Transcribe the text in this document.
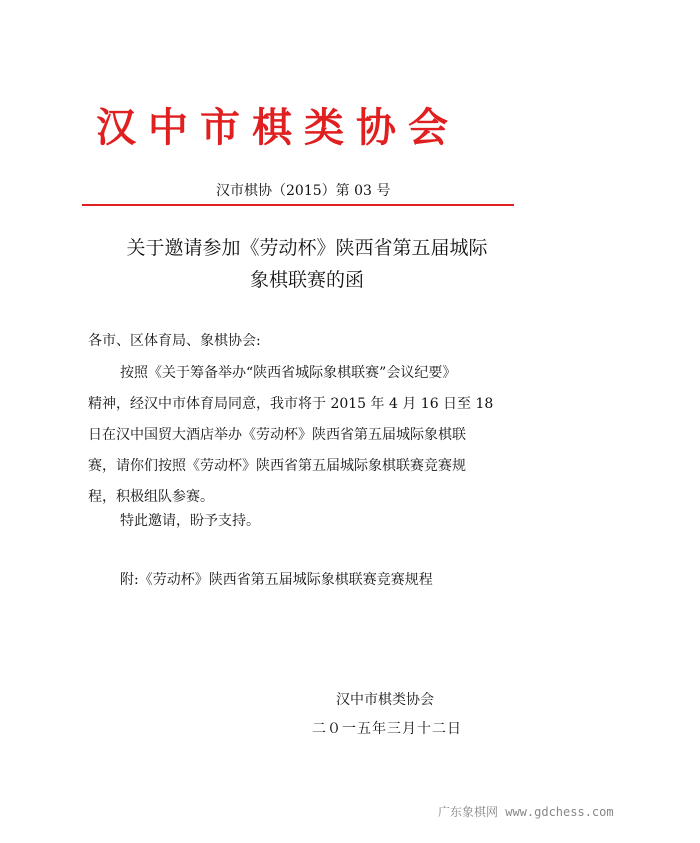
汉中市棋类协会
汉市棋协（2015）第 03 号
关于邀请参加《劳动杯》陕西省第五届城际
象棋联赛的函
各市、区体育局、象棋协会:
按照《关于筹备举办“陕西省城际象棋联赛”会议纪要》
精神，经汉中市体育局同意，我市将于 2015 年 4 月 16 日至 18
日在汉中国贸大酒店举办《劳动杯》陕西省第五届城际象棋联
赛，请你们按照《劳动杯》陕西省第五届城际象棋联赛竞赛规
程，积极组队参赛。
特此邀请，盼予支持。
附:《劳动杯》陕西省第五届城际象棋联赛竞赛规程
汉中市棋类协会
二０一五年三月十二日
广东象棋网 www.gdchess.com
